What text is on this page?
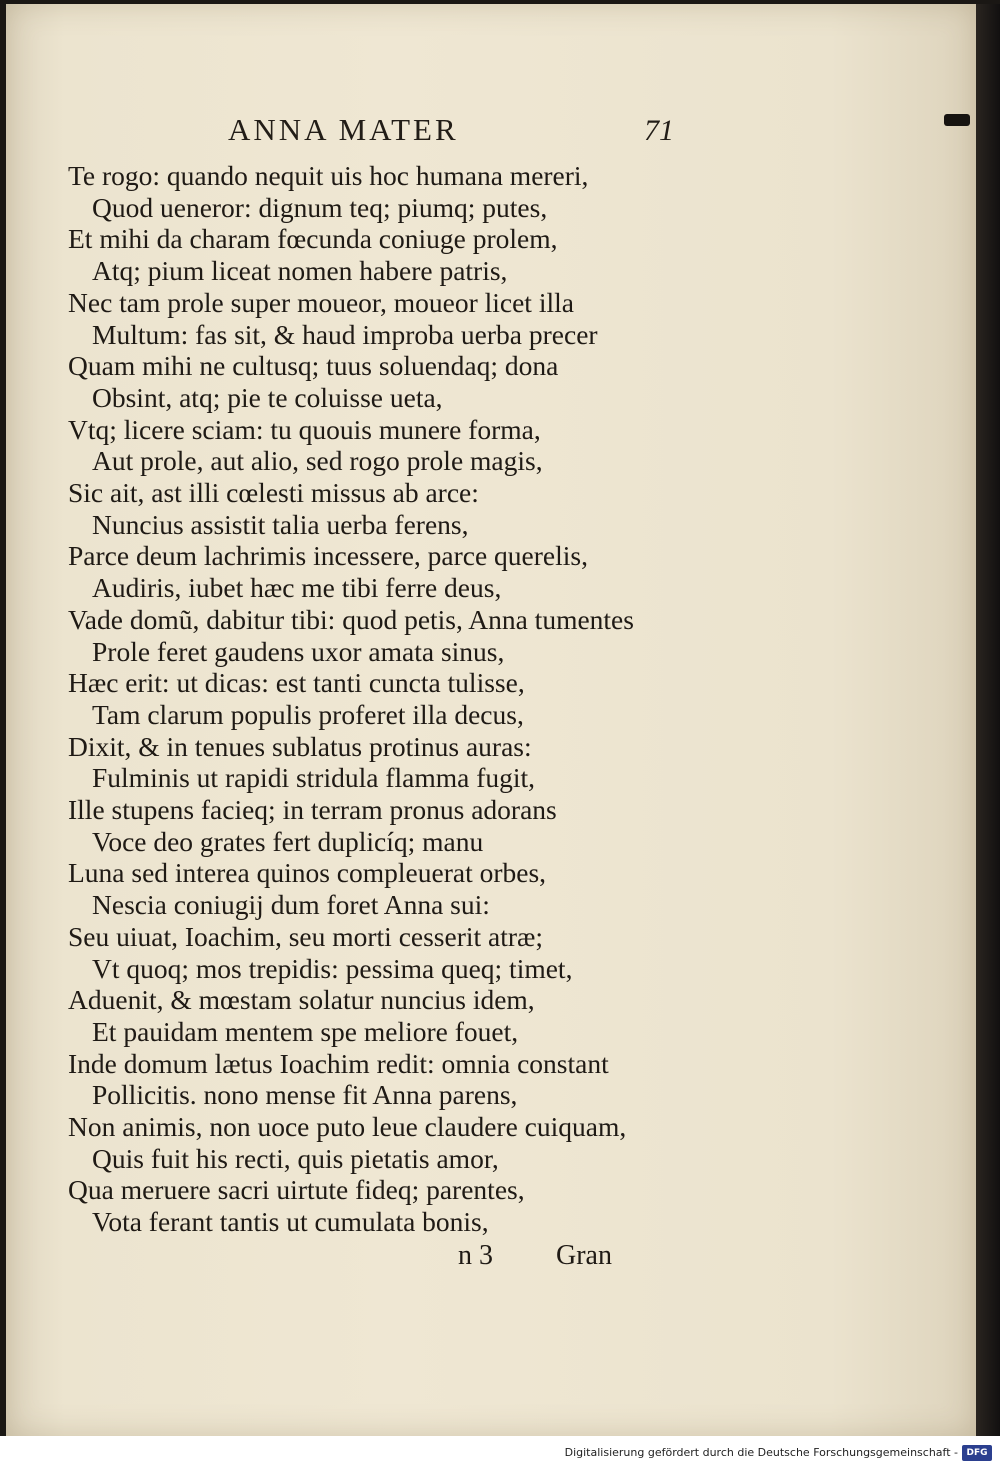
ANNA MATER	71
Te rogo: quando nequit uis hoc humana mereri,
Quod ueneror: dignum teq; piumq; putes,
Et mihi da charam fœcunda coniuge prolem,
Atq; pium liceat nomen habere patris,
Nec tam prole super moueor, moueor licet illa
Multum: fas sit, & haud improba uerba precer
Quam mihi ne cultusq; tuus soluendaq; dona
Obsint, atq; pie te coluisse ueta,
Vtq; licere sciam: tu quouis munere forma,
Aut prole, aut alio, sed rogo prole magis,
Sic ait, ast illi cœlesti missus ab arce:
Nuncius assistit talia uerba ferens,
Parce deum lachrimis incessere, parce querelis,
Audiris, iubet hæc me tibi ferre deus,
Vade domũ, dabitur tibi: quod petis, Anna tumentes
Prole feret gaudens uxor amata sinus,
Hæc erit: ut dicas: est tanti cuncta tulisse,
Tam clarum populis proferet illa decus,
Dixit, & in tenues sublatus protinus auras:
Fulminis ut rapidi stridula flamma fugit,
Ille stupens facieq; in terram pronus adorans
Voce deo grates fert duplicíq; manu
Luna sed interea quinos compleuerat orbes,
Nescia coniugij dum foret Anna sui:
Seu uiuat, Ioachim, seu morti cesserit atræ;
Vt quoq; mos trepidis: pessima queq; timet,
Aduenit, & mœstam solatur nuncius idem,
Et pauidam mentem spe meliore fouet,
Inde domum lætus Ioachim redit: omnia constant
Pollicitis. nono mense fit Anna parens,
Non animis, non uoce puto leue claudere cuiquam,
Quis fuit his recti, quis pietatis amor,
Qua meruere sacri uirtute fideq; parentes,
Vota ferant tantis ut cumulata bonis,
n 3 Gran
Digitalisierung gefördert durch die Deutsche Forschungsgemeinschaft - DFG
